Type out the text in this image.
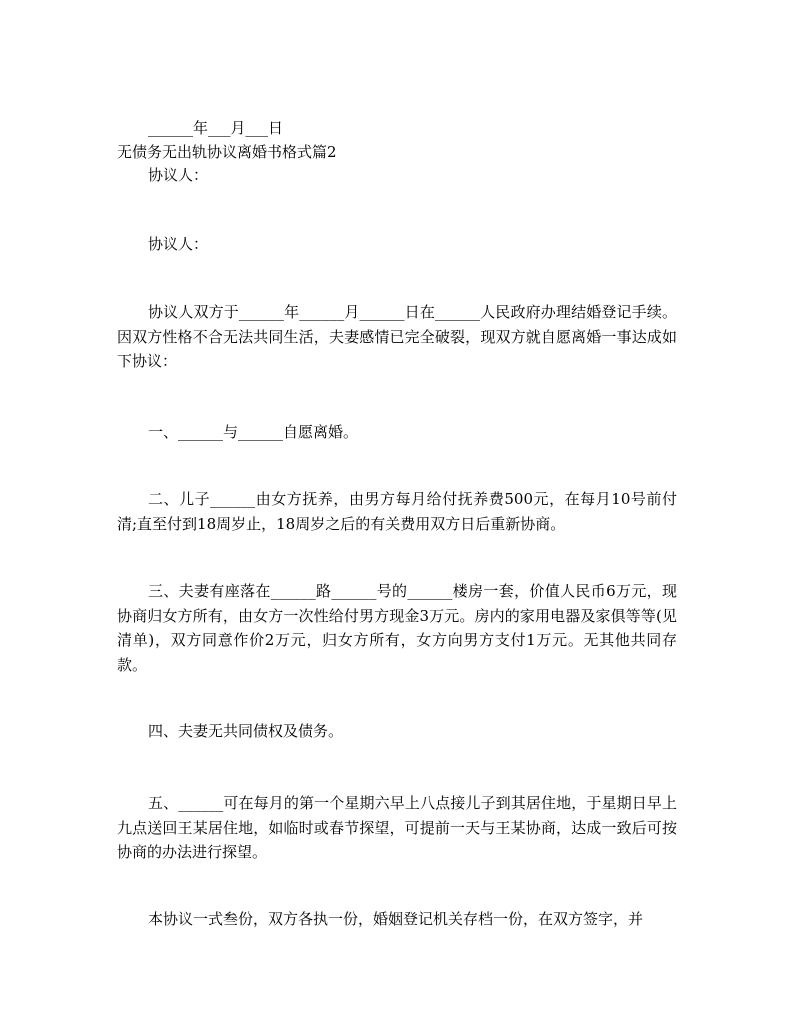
______年___月___日
无债务无出轨协议离婚书格式篇2
协议人：
协议人：

协议人双方于______年______月______日在______人民政府办理结婚登记手续。因双方性格不合无法共同生活，夫妻感情已完全破裂，现双方就自愿离婚一事达成如下协议：

一、______与______自愿离婚。

二、儿子______由女方抚养，由男方每月给付抚养费500元，在每月10号前付清;直至付到18周岁止，18周岁之后的有关费用双方日后重新协商。

三、夫妻有座落在______路______号的______楼房一套，价值人民币6万元，现协商归女方所有，由女方一次性给付男方现金3万元。房内的家用电器及家俱等等(见清单)，双方同意作价2万元，归女方所有，女方向男方支付1万元。无其他共同存款。

四、夫妻无共同债权及债务。

五、______可在每月的第一个星期六早上八点接儿子到其居住地，于星期日早上九点送回王某居住地，如临时或春节探望，可提前一天与王某协商，达成一致后可按协商的办法进行探望。

本协议一式叁份，双方各执一份，婚姻登记机关存档一份，在双方签字，并
